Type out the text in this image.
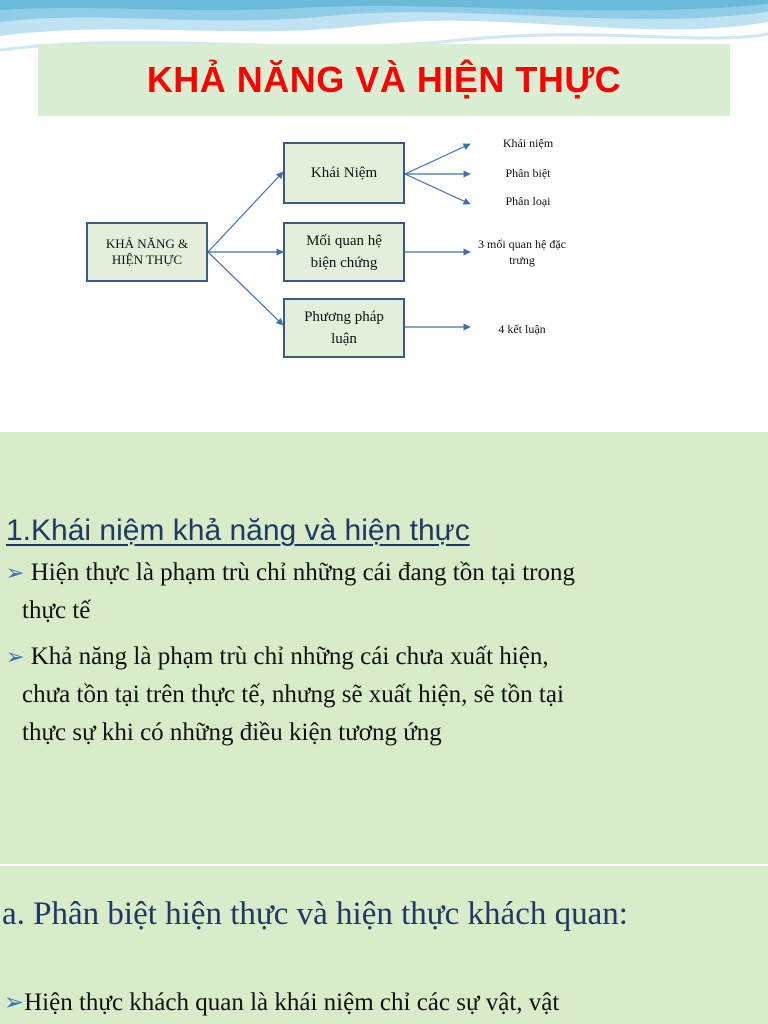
KHẢ NĂNG VÀ HIỆN THỰC
KHẢ NĂNG & HIỆN THỰC
Khái Niệm
Mối quan hệ biện chứng
Phương pháp luận
Khái niệm
Phân biệt
Phân loại
3 mối quan hệ đặc trưng
4 kết luận
1.Khái niệm khả năng và hiện thực
➢ Hiện thực là phạm trù chỉ những cái đang tồn tại trong
thực tế
➢ Khả năng là phạm trù chỉ những cái chưa xuất hiện,
chưa tồn tại trên thực tế, nhưng sẽ xuất hiện, sẽ tồn tại
thực sự khi có những điều kiện tương ứng
a. Phân biệt hiện thực và hiện thực khách quan:
➢Hiện thực khách quan là khái niệm chỉ các sự vật, vật
